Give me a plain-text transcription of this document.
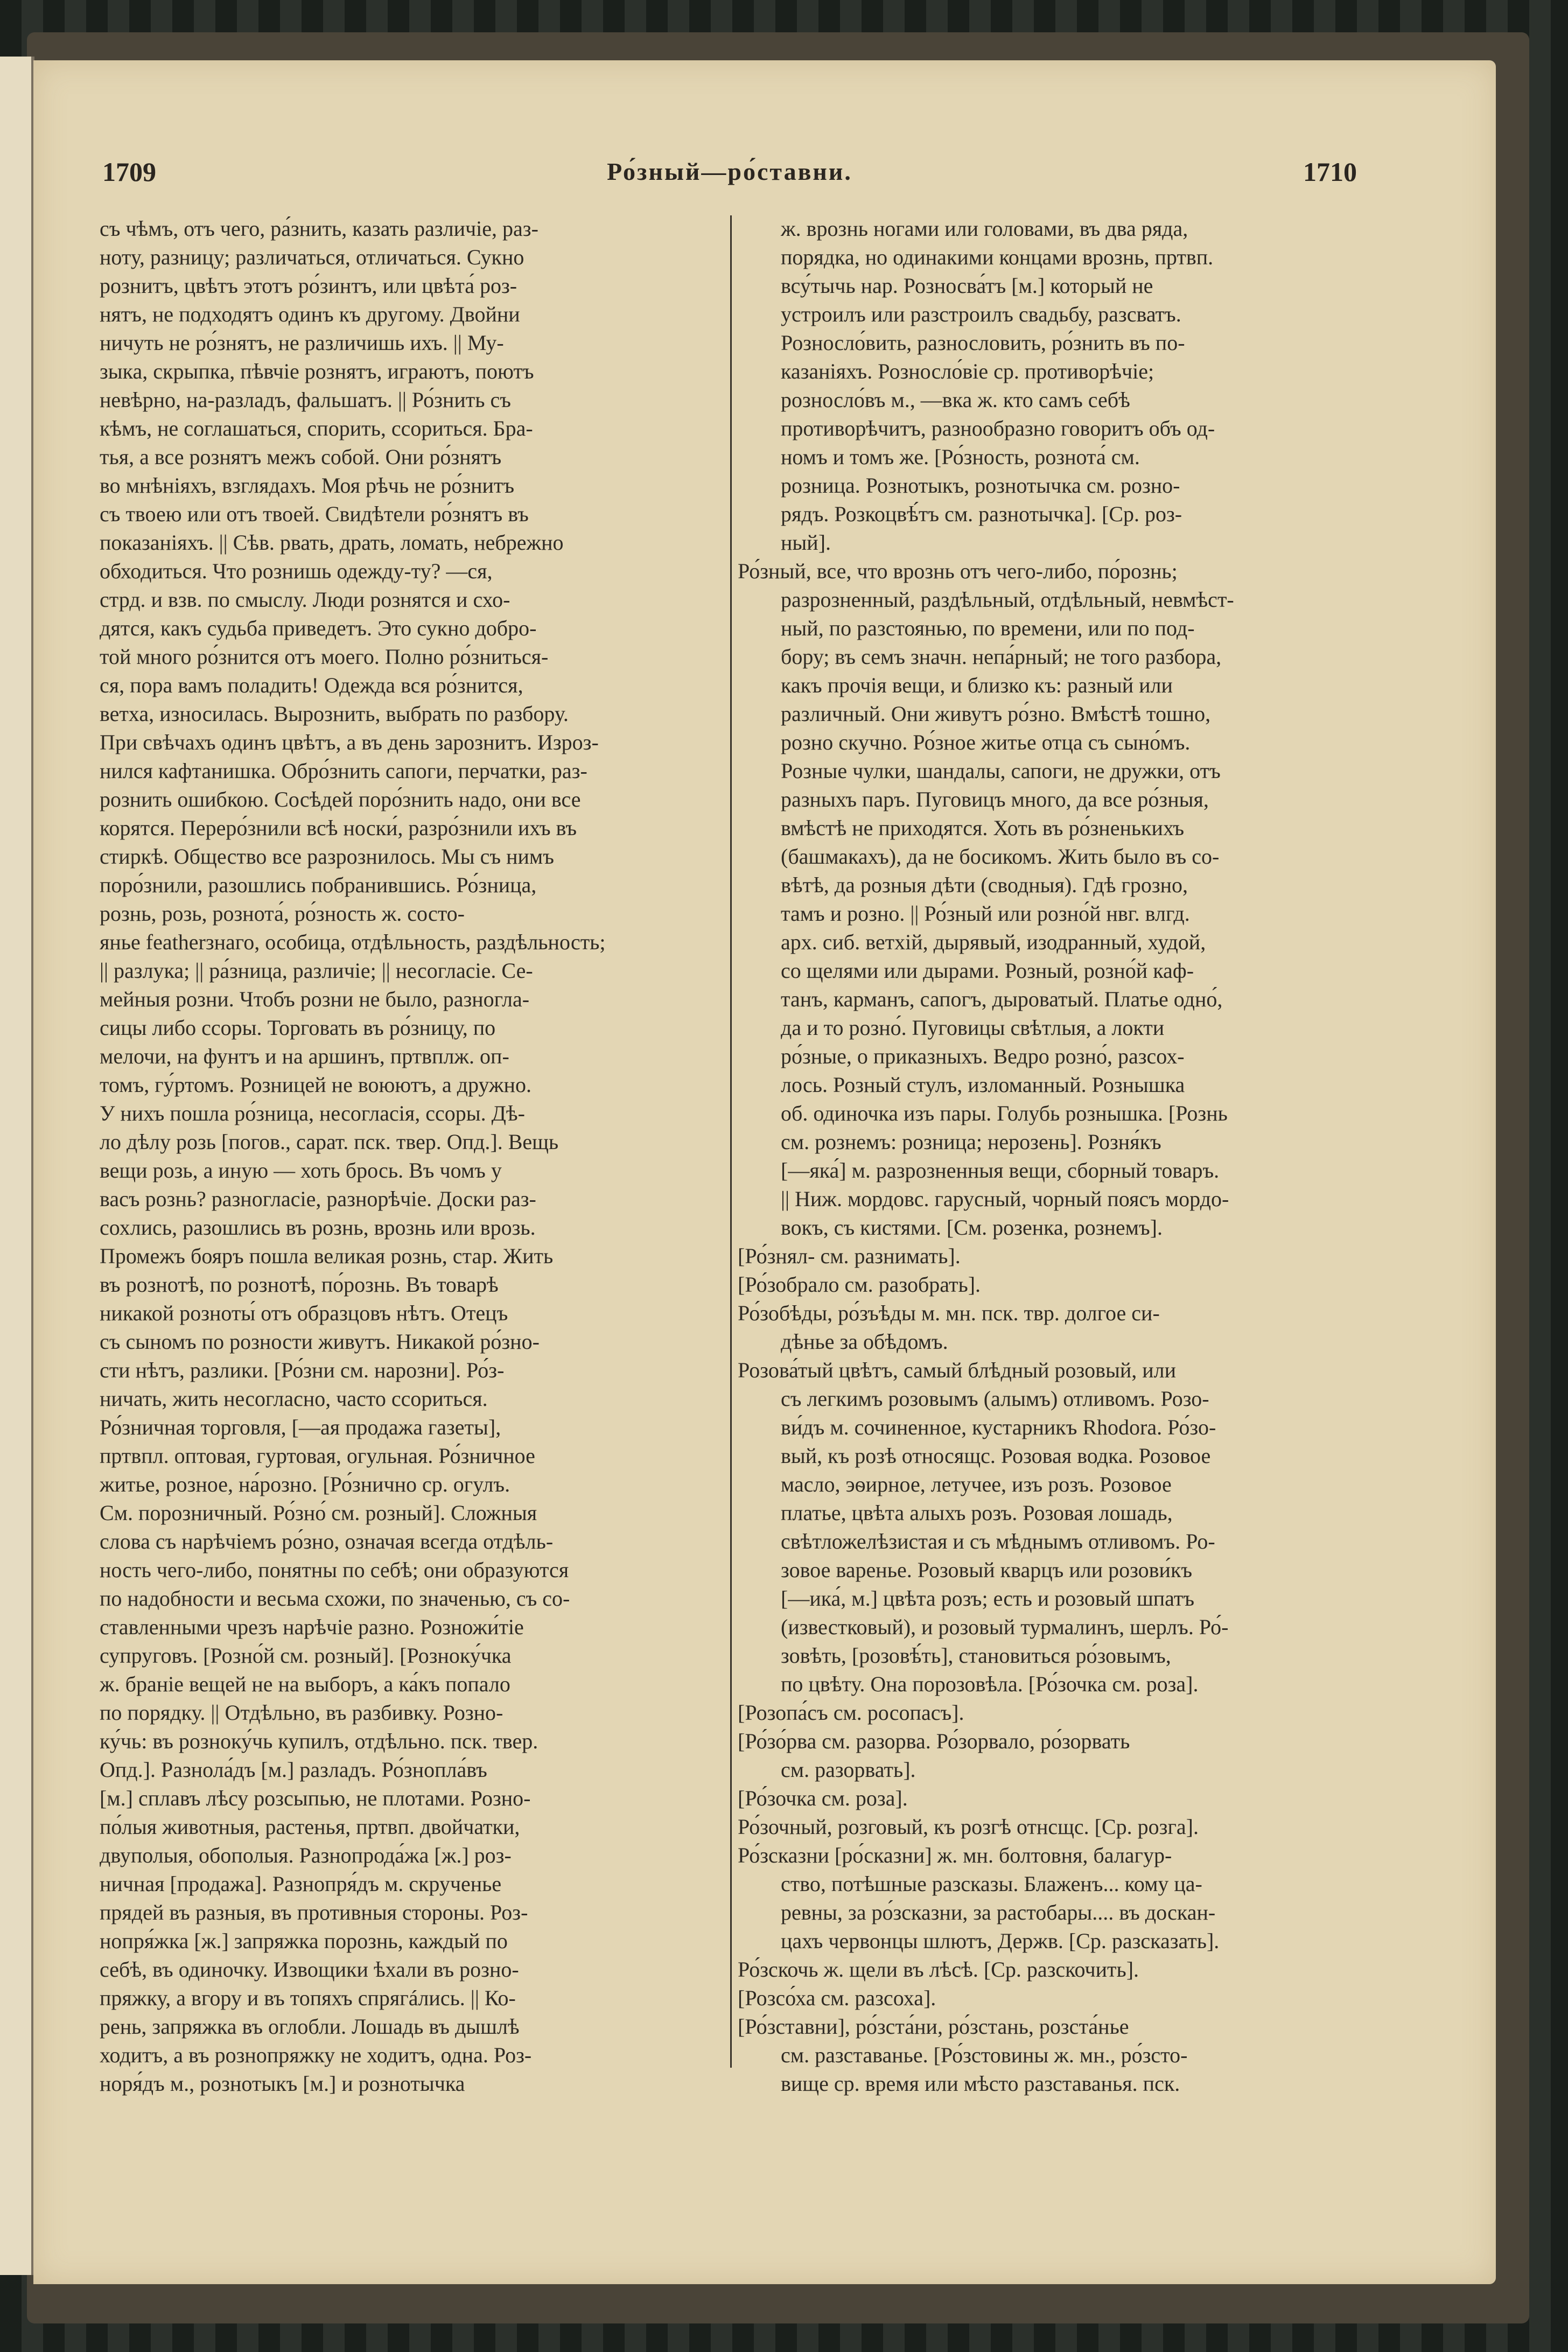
1709	Ро́зный—ро́ставни.	1710
съ чѣмъ, отъ чего, ра́знить, казать различіе, раз-
ноту, разницу; различаться, отличаться. Сукно
рознитъ, цвѣтъ этотъ ро́зинтъ, или цвѣта́ роз-
нятъ, не подходятъ одинъ къ другому. Двойни
ничуть не ро́знятъ, не различишь ихъ. || Му-
зыка, скрыпка, пѣвчіе рознятъ, играютъ, поютъ
невѣрно, на-разладъ, фальшатъ. || Ро́знить съ
кѣмъ, не соглашаться, спорить, ссориться. Бра-
тья, а все рознятъ межъ собой. Они ро́знятъ
во мнѣніяхъ, взглядахъ. Моя рѣчь не ро́знитъ
съ твоею или отъ твоей. Свидѣтели ро́знятъ въ
показаніяхъ. || Сѣв. рвать, драть, ломать, небрежно
обходиться. Что рознишь одежду-ту? —ся,
стрд. и взв. по смыслу. Люди рознятся и схо-
дятся, какъ судьба приведетъ. Это сукно добро-
той много ро́знится отъ моего. Полно ро́зниться-
ся, пора вамъ поладить! Одежда вся ро́знится,
ветха, износилась. Вырознить, выбрать по разбору.
При свѣчахъ одинъ цвѣтъ, а въ день зарознитъ. Изроз-
нился кафтанишка. Обро́знить сапоги, перчатки, раз-
рознить ошибкою. Сосѣдей поро́знить надо, они все
корятся. Переро́знили всѣ носки́, разро́знили ихъ въ
стиркѣ. Общество все разрознилось. Мы съ нимъ
поро́знили, разошлись побранившись. Ро́зница,
рознь, розь, рознота́, ро́зность ж. состо-
янье featherзнаго, особица, отдѣльность, раздѣльность;
|| разлука; || ра́зница, различіе; || несогласіе. Се-
мейныя розни. Чтобъ розни не было, разногла-
сицы либо ссоры. Торговать въ ро́зницу, по
мелочи, на фунтъ и на аршинъ, пртвплж. оп-
томъ, гу́ртомъ. Розницей не воюютъ, а дружно.
У нихъ пошла ро́зница, несогласія, ссоры. Дѣ-
ло дѣлу розь [погов., сарат. пск. твер. Опд.]. Вещь
вещи розь, а иную — хоть брось. Въ чомъ у
васъ рознь? разногласіе, разнорѣчіе. Доски раз-
сохлись, разошлись въ рознь, врознь или врозь.
Промежъ бояръ пошла великая рознь, стар. Жить
въ рознотѣ, по рознотѣ, по́рознь. Въ товарѣ
никакой розноты́ отъ образцовъ нѣтъ. Отецъ
съ сыномъ по розности живутъ. Никакой ро́зно-
сти нѣтъ, разлики. [Ро́зни см. нарозни]. Ро́з-
ничать, жить несогласно, часто ссориться.
Ро́зничная торговля, [—ая продажа газеты],
пртвпл. оптовая, гуртовая, огульная. Ро́зничное
житье, розное, на́розно. [Ро́знично ср. огулъ.
См. порозничный. Ро́зно́ см. розный]. Сложныя
слова съ нарѣчіемъ ро́зно, означая всегда отдѣль-
ность чего-либо, понятны по себѣ; они образуются
по надобности и весьма схожи, по значенью, съ со-
ставленными чрезъ нарѣчіе разно. Розножи́тіе
супруговъ. [Розно́й см. розный]. [Розноку́чка
ж. браніе вещей не на выборъ, а ка́къ попало
по порядку. || Отдѣльно, въ разбивку. Розно-
ку́чь: въ розноку́чь купилъ, отдѣльно. пск. твер.
Опд.]. Разнола́дъ [м.] разладъ. Ро́знопла́въ
[м.] сплавъ лѣсу розсыпью, не плотами. Розно-
по́лыя животныя, растенья, пртвп. двойчатки,
двуполыя, обополыя. Разнопрода́жа [ж.] роз-
ничная [продажа]. Разнопря́дъ м. скрученье
прядей въ разныя, въ противныя стороны. Роз-
нопря́жка [ж.] запряжка порознь, каждый по
себѣ, въ одиночку. Извощики ѣхали въ розно-
пряжку, а вгору и въ топяхъ спрягáлись. || Ко-
рень, запряжка въ оглобли. Лошадь въ дышлѣ
ходитъ, а въ рознопряжку не ходитъ, одна. Роз-
норя́дъ м., рознотыкъ [м.] и рознотычка
ж. врознь ногами или головами, въ два ряда,
порядка, но одинакими концами врознь, пртвп.
всу́тычь нар. Розносва́тъ [м.] который не
устроилъ или разстроилъ свадьбу, разсватъ.
Розносло́вить, разнословить, ро́знить въ по-
казаніяхъ. Розносло́віе ср. противорѣчіе;
розносло́въ м., —вка ж. кто самъ себѣ
противорѣчитъ, разнообразно говоритъ объ од-
номъ и томъ же. [Ро́зность, рознота́ см.
розница. Рознотыкъ, рознотычка см. розно-
рядъ. Розкоцвѣ́тъ см. разнотычка]. [Ср. роз-
ный].
Ро́зный, все, что врознь отъ чего-либо, по́рознь;
разрозненный, раздѣльный, отдѣльный, невмѣст-
ный, по разстоянью, по времени, или по под-
бору; въ семъ значн. непа́рный; не того разбора,
какъ прочія вещи, и близко къ: разный или
различный. Они живутъ ро́зно. Вмѣстѣ тошно,
розно скучно. Ро́зное житье отца съ сыно́мъ.
Розные чулки, шандалы, сапоги, не дружки, отъ
разныхъ паръ. Пуговицъ много, да все ро́зныя,
вмѣстѣ не приходятся. Хоть въ ро́зненькихъ
(башмакахъ), да не босикомъ. Жить было въ со-
вѣтѣ, да розныя дѣти (сводныя). Гдѣ грозно,
тамъ и розно. || Ро́зный или розно́й нвг. влгд.
арх. сиб. ветхій, дырявый, изодранный, худой,
со щелями или дырами. Розный, розно́й каф-
танъ, карманъ, сапогъ, дыроватый. Платье одно́,
да и то розно́. Пуговицы свѣтлыя, а локти
ро́зные, о приказныхъ. Ведро розно́, разсох-
лось. Розный стулъ, изломанный. Рознышка
об. одиночка изъ пары. Голубь рознышка. [Рознь
см. рознемъ: розница; нерозень]. Розня́къ
[—яка́] м. разрозненныя вещи, сборный товаръ.
|| Ниж. мордовс. гарусный, чорный поясъ мордо-
вокъ, съ кистями. [См. розенка, рознемъ].
[Ро́знял- см. разнимать].
[Ро́зобрало см. разобрать].
Ро́зобѣды, ро́зъѣды м. мн. пск. твр. долгое си-
дѣнье за обѣдомъ.
Розова́тый цвѣтъ, самый блѣдный розовый, или
съ легкимъ розовымъ (алымъ) отливомъ. Розо-
ви́дъ м. сочиненное, кустарникъ Rhodora. Ро́зо-
вый, къ розѣ относящс. Розовая водка. Розовое
масло, эѳирное, летучее, изъ розъ. Розовое
платье, цвѣта алыхъ розъ. Розовая лошадь,
свѣтложелѣзистая и съ мѣднымъ отливомъ. Ро-
зовое варенье. Розовый кварцъ или розови́къ
[—ика́, м.] цвѣта розъ; есть и розовый шпатъ
(известковый), и розовый турмалинъ, шерлъ. Ро́-
зовѣть, [розовѣ́ть], становиться ро́зовымъ,
по цвѣту. Она порозовѣла. [Ро́зочка см. роза].
[Розопа́съ см. росопасъ].
[Ро́зо́рва см. разорва. Ро́зорвало, ро́зорвать
см. разорвать].
[Ро́зочка см. роза].
Ро́зочный, розговый, къ розгѣ отнсщс. [Ср. розга].
Ро́зсказни [ро́сказни] ж. мн. болтовня, балагур-
ство, потѣшные разсказы. Блаженъ... кому ца-
ревны, за ро́зсказни, за растобары.... въ доскан-
цахъ червонцы шлютъ, Держв. [Ср. разсказать].
Ро́зскочь ж. щели въ лѣсѣ. [Ср. разскочить].
[Розсо́ха см. разсоха].
[Ро́зставни], ро́зста́ни, ро́зстань, розста́нье
см. разставанье. [Ро́зстовины ж. мн., ро́зсто-
вище ср. время или мѣсто разставанья. пск.
